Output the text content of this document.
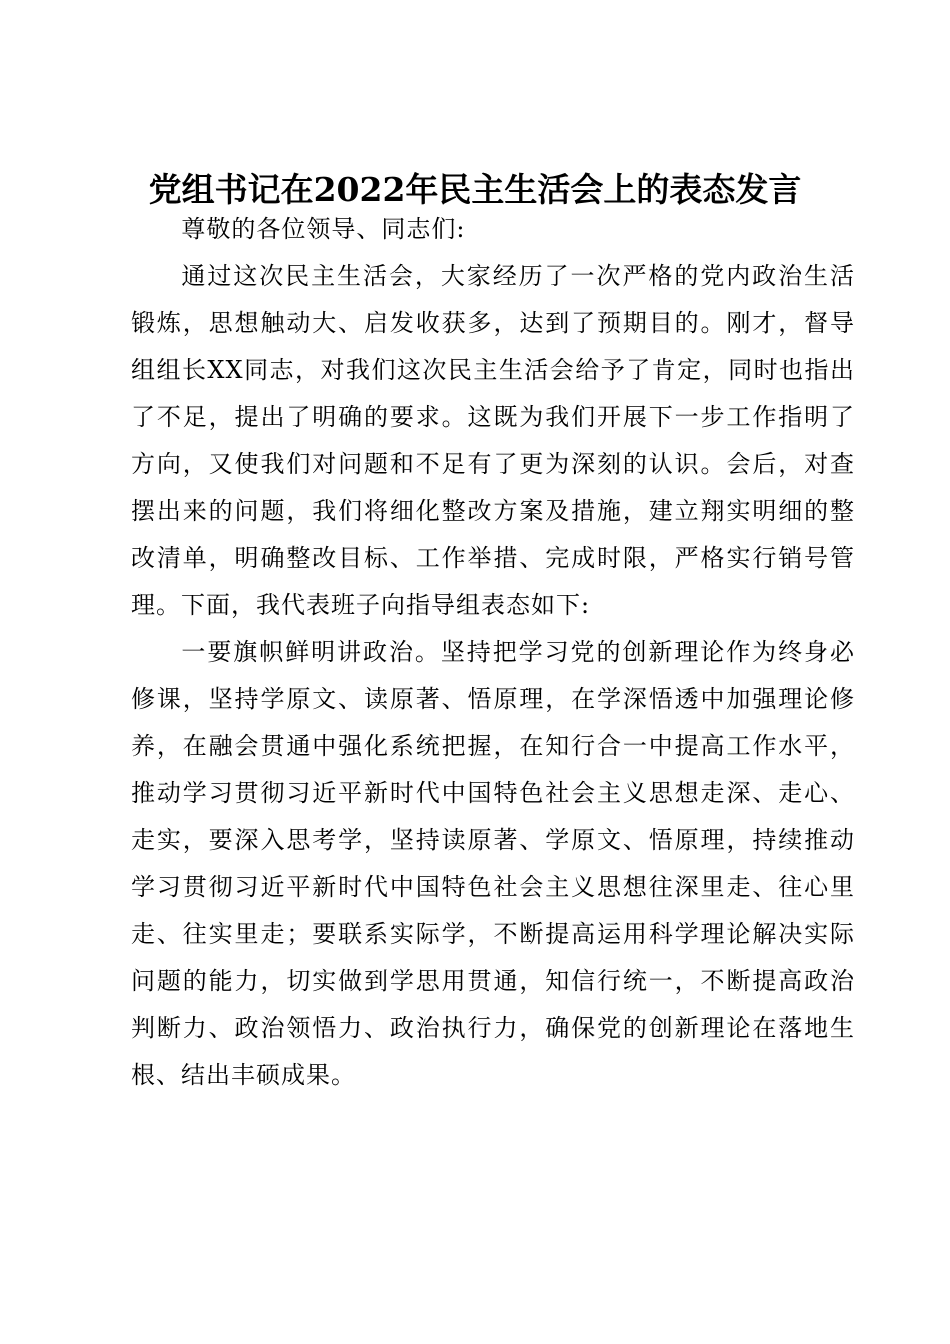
党组书记在2022年民主生活会上的表态发言

尊敬的各位领导、同志们:

通过这次民主生活会，大家经历了一次严格的党内政治生活锻炼，思想触动大、启发收获多，达到了预期目的。刚才，督导组组长XX同志，对我们这次民主生活会给予了肯定，同时也指出了不足，提出了明确的要求。这既为我们开展下一步工作指明了方向，又使我们对问题和不足有了更为深刻的认识。会后，对查摆出来的问题，我们将细化整改方案及措施，建立翔实明细的整改清单，明确整改目标、工作举措、完成时限，严格实行销号管理。下面，我代表班子向指导组表态如下:

一要旗帜鲜明讲政治。坚持把学习党的创新理论作为终身必修课，坚持学原文、读原著、悟原理，在学深悟透中加强理论修养，在融会贯通中强化系统把握，在知行合一中提高工作水平，推动学习贯彻习近平新时代中国特色社会主义思想走深、走心、走实，要深入思考学，坚持读原著、学原文、悟原理，持续推动学习贯彻习近平新时代中国特色社会主义思想往深里走、往心里走、往实里走；要联系实际学，不断提高运用科学理论解决实际问题的能力，切实做到学思用贯通，知信行统一，不断提高政治判断力、政治领悟力、政治执行力，确保党的创新理论在落地生根、结出丰硕成果。
